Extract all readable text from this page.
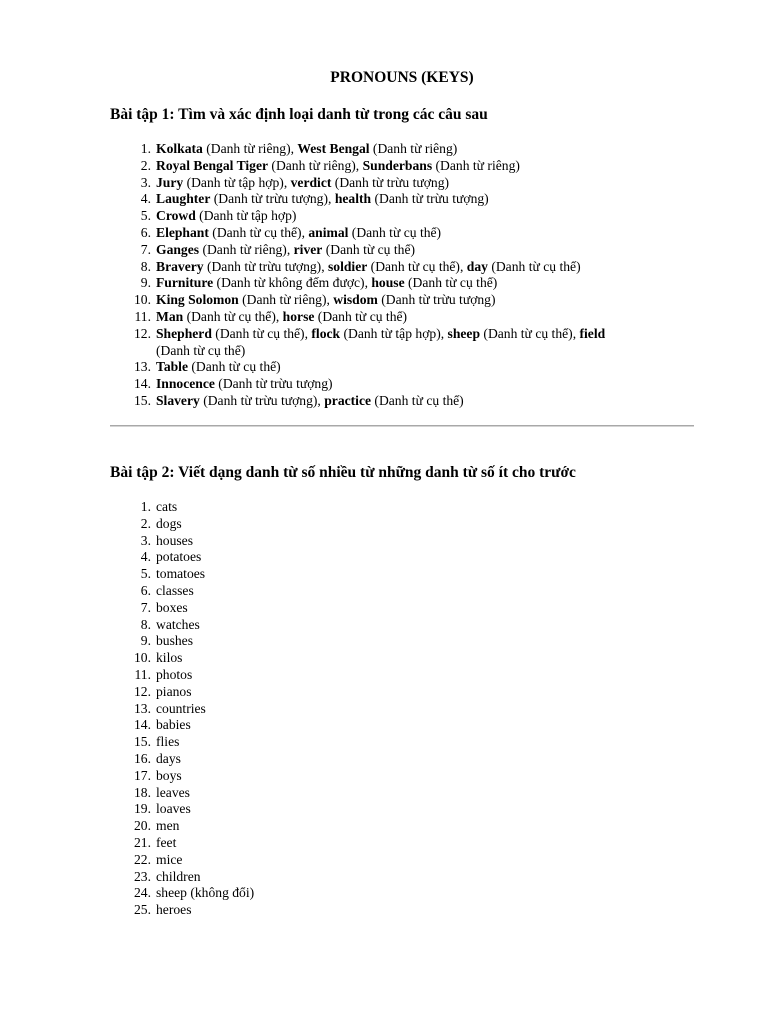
PRONOUNS (KEYS)
Bài tập 1: Tìm và xác định loại danh từ trong các câu sau
1. Kolkata (Danh từ riêng), West Bengal (Danh từ riêng)
2. Royal Bengal Tiger (Danh từ riêng), Sunderbans (Danh từ riêng)
3. Jury (Danh từ tập hợp), verdict (Danh từ trừu tượng)
4. Laughter (Danh từ trừu tượng), health (Danh từ trừu tượng)
5. Crowd (Danh từ tập hợp)
6. Elephant (Danh từ cụ thể), animal (Danh từ cụ thể)
7. Ganges (Danh từ riêng), river (Danh từ cụ thể)
8. Bravery (Danh từ trừu tượng), soldier (Danh từ cụ thể), day (Danh từ cụ thể)
9. Furniture (Danh từ không đếm được), house (Danh từ cụ thể)
10. King Solomon (Danh từ riêng), wisdom (Danh từ trừu tượng)
11. Man (Danh từ cụ thể), horse (Danh từ cụ thể)
12. Shepherd (Danh từ cụ thể), flock (Danh từ tập hợp), sheep (Danh từ cụ thể), field
(Danh từ cụ thể)
13. Table (Danh từ cụ thể)
14. Innocence (Danh từ trừu tượng)
15. Slavery (Danh từ trừu tượng), practice (Danh từ cụ thể)
Bài tập 2: Viết dạng danh từ số nhiều từ những danh từ số ít cho trước
1. cats
2. dogs
3. houses
4. potatoes
5. tomatoes
6. classes
7. boxes
8. watches
9. bushes
10. kilos
11. photos
12. pianos
13. countries
14. babies
15. flies
16. days
17. boys
18. leaves
19. loaves
20. men
21. feet
22. mice
23. children
24. sheep (không đổi)
25. heroes
